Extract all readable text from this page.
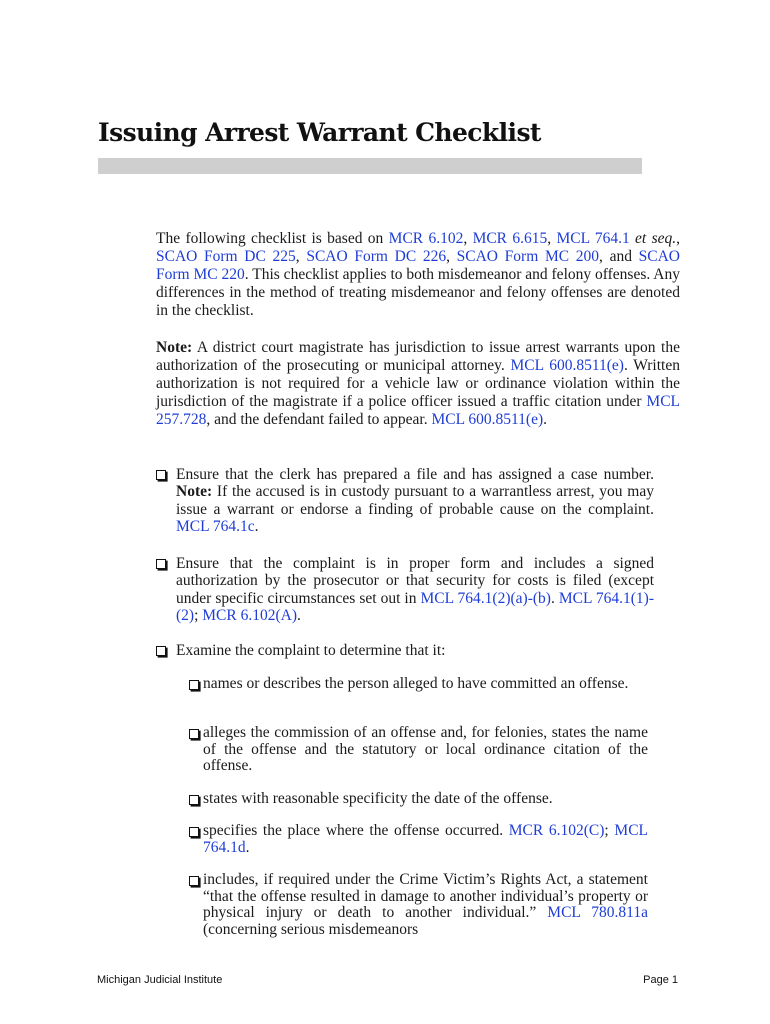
Issuing Arrest Warrant Checklist

The following checklist is based on MCR 6.102, MCR 6.615, MCL 764.1 et seq., SCAO Form DC 225, SCAO Form DC 226, SCAO Form MC 200, and SCAO Form MC 220. This checklist applies to both misdemeanor and felony offenses. Any differences in the method of treating misdemeanor and felony offenses are denoted in the checklist.

Note: A district court magistrate has jurisdiction to issue arrest warrants upon the authorization of the prosecuting or municipal attorney. MCL 600.8511(e). Written authorization is not required for a vehicle law or ordinance violation within the jurisdiction of the magistrate if a police officer issued a traffic citation under MCL 257.728, and the defendant failed to appear. MCL 600.8511(e).

Ensure that the clerk has prepared a file and has assigned a case number. Note: If the accused is in custody pursuant to a warrantless arrest, you may issue a warrant or endorse a finding of probable cause on the complaint. MCL 764.1c.

Ensure that the complaint is in proper form and includes a signed authorization by the prosecutor or that security for costs is filed (except under specific circumstances set out in MCL 764.1(2)(a)-(b). MCL 764.1(1)-(2); MCR 6.102(A).

Examine the complaint to determine that it:

names or describes the person alleged to have committed an offense.

alleges the commission of an offense and, for felonies, states the name of the offense and the statutory or local ordinance citation of the offense.

states with reasonable specificity the date of the offense.

specifies the place where the offense occurred. MCR 6.102(C); MCL 764.1d.

includes, if required under the Crime Victim’s Rights Act, a statement “that the offense resulted in damage to another individual’s property or physical injury or death to another individual.” MCL 780.811a (concerning serious misdemeanors

Michigan Judicial Institute	Page 1
